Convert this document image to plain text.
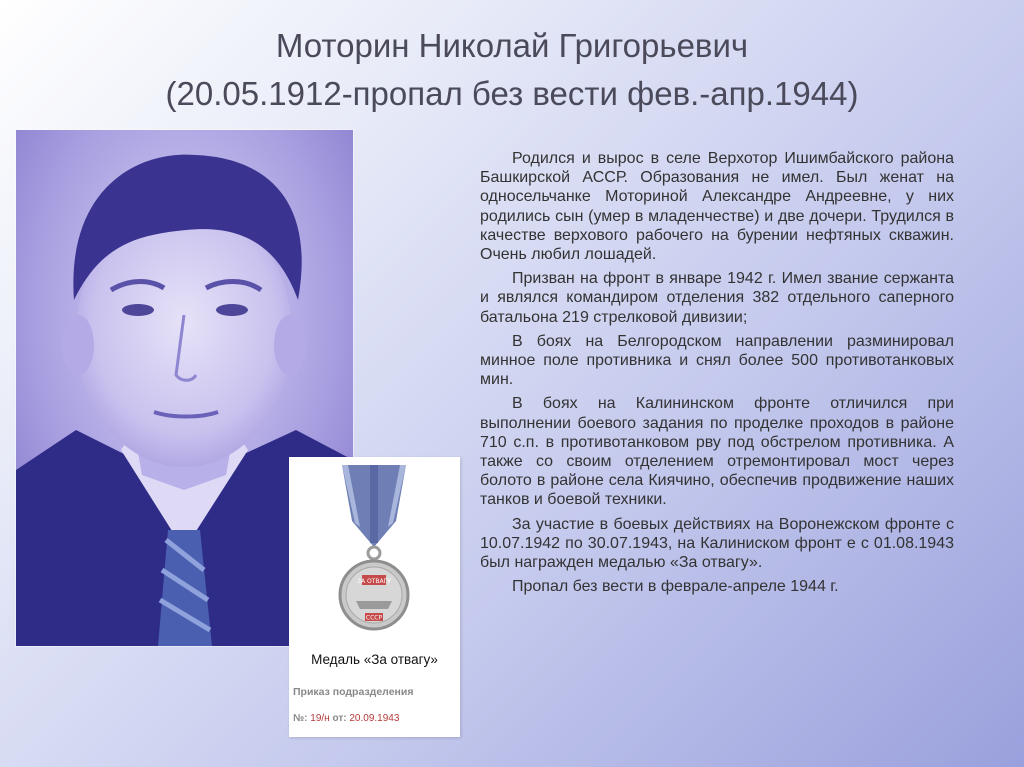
Моторин Николай Григорьевич
(20.05.1912-пропал без вести фев.-апр.1944)
ЗА ОТВАГУ
СССР
Медаль «За отвагу»
Приказ подразделения
№: 19/н от: 20.09.1943

Родился и вырос в селе Верхотор Ишимбайского района Башкирской АССР. Образования не имел. Был женат на односельчанке Моториной Александре Андреевне, у них родились сын (умер в младенчестве) и две дочери. Трудился в качестве верхового рабочего на бурении нефтяных скважин. Очень любил лошадей.

Призван на фронт в январе 1942 г. Имел звание сержанта и являлся командиром отделения 382 отдельного саперного батальона 219 стрелковой дивизии;

В боях на Белгородском направлении разминировал минное поле противника и снял более 500 противотанковых мин.

В боях на Калининском фронте отличился при выполнении боевого задания по проделке проходов в районе 710 с.п. в противотанковом рву под обстрелом противника. А также со своим отделением отремонтировал мост через болото в районе села Киячино, обеспечив продвижение наших танков и боевой техники.

За участие в боевых действиях на Воронежском фронте с 10.07.1942 по 30.07.1943, на Калиниском фронт е с 01.08.1943 был награжден медалью «За отвагу».

Пропал без вести в феврале-апреле 1944 г.
